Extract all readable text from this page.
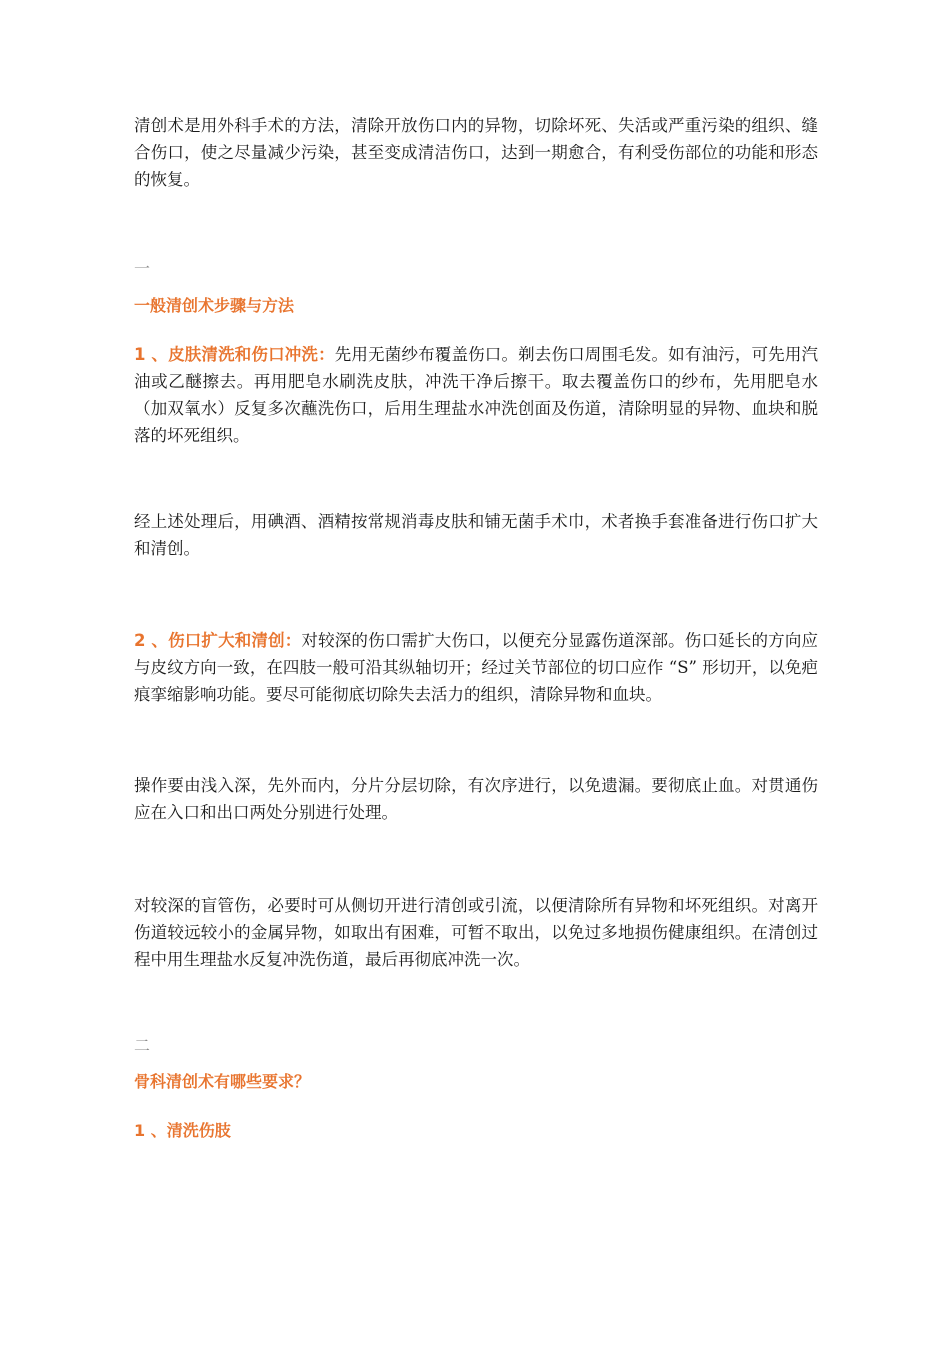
清创术是用外科手术的方法，清除开放伤口内的异物，切除坏死、失活或严重污染的组织、缝合伤口，使之尽量减少污染，甚至变成清洁伤口，达到一期愈合，有利受伤部位的功能和形态的恢复。

一
一般清创术步骤与方法

1 、皮肤清洗和伤口冲洗：先用无菌纱布覆盖伤口。剃去伤口周围毛发。如有油污，可先用汽油或乙醚擦去。再用肥皂水刷洗皮肤，冲洗干净后擦干。取去覆盖伤口的纱布，先用肥皂水（加双氧水）反复多次蘸洗伤口，后用生理盐水冲洗创面及伤道，清除明显的异物、血块和脱落的坏死组织。

经上述处理后，用碘酒、酒精按常规消毒皮肤和铺无菌手术巾，术者换手套准备进行伤口扩大和清创。

2 、伤口扩大和清创：对较深的伤口需扩大伤口，以便充分显露伤道深部。伤口延长的方向应与皮纹方向一致，在四肢一般可沿其纵轴切开；经过关节部位的切口应作 “S” 形切开，以免疤痕挛缩影响功能。要尽可能彻底切除失去活力的组织，清除异物和血块。

操作要由浅入深，先外而内，分片分层切除，有次序进行，以免遗漏。要彻底止血。对贯通伤应在入口和出口两处分别进行处理。

对较深的盲管伤，必要时可从侧切开进行清创或引流，以便清除所有异物和坏死组织。对离开伤道较远较小的金属异物，如取出有困难，可暂不取出，以免过多地损伤健康组织。在清创过程中用生理盐水反复冲洗伤道，最后再彻底冲洗一次。

二
骨科清创术有哪些要求？
1 、清洗伤肢
